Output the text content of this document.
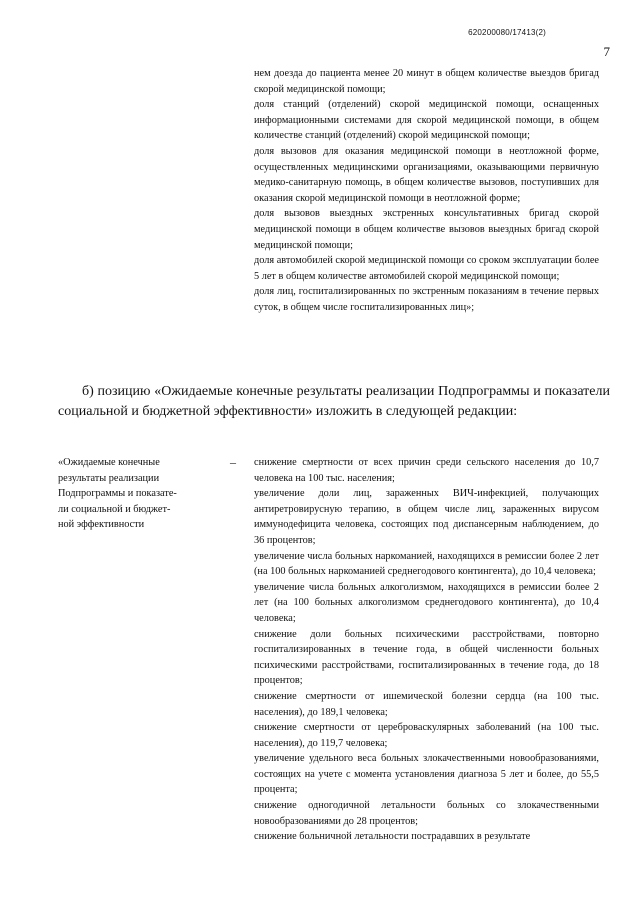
620200080/17413(2)
7
нем доезда до пациента менее 20 минут в общем количестве выездов бригад скорой медицинской помощи;
доля станций (отделений) скорой медицинской помощи, оснащенных информационными системами для скорой медицинской помощи, в общем количестве станций (отделений) скорой медицинской помощи;
доля вызовов для оказания медицинской помощи в неотложной форме, осуществленных медицинскими организациями, оказывающими первичную медико-санитарную помощь, в общем количестве вызовов, поступивших для оказания скорой медицинской помощи в неотложной форме;
доля вызовов выездных экстренных консультативных бригад скорой медицинской помощи в общем количестве вызовов выездных бригад скорой медицинской помощи;
доля автомобилей скорой медицинской помощи со сроком эксплуатации более 5 лет в общем количестве автомобилей скорой медицинской помощи;
доля лиц, госпитализированных по экстренным показаниям в течение первых суток, в общем числе госпитализированных лиц»;
б) позицию «Ожидаемые конечные результаты реализации Подпрограммы и показатели социальной и бюджетной эффективности» изложить в следующей редакции:
«Ожидаемые конечные
результаты реализации
Подпрограммы и показате-
ли социальной и бюджет-
ной эффективности
– снижение смертности от всех причин среди сельского населения до 10,7 человека на 100 тыс. населения;
увеличение доли лиц, зараженных ВИЧ-инфекцией, получающих антиретровирусную терапию, в общем числе лиц, зараженных вирусом иммунодефицита человека, состоящих под диспансерным наблюдением, до 36 процентов;
увеличение числа больных наркоманией, находящихся в ремиссии более 2 лет (на 100 больных наркоманией среднегодового контингента), до 10,4 человека;
увеличение числа больных алкоголизмом, находящихся в ремиссии более 2 лет (на 100 больных алкоголизмом среднегодового контингента), до 10,4 человека;
снижение доли больных психическими расстройствами, повторно госпитализированных в течение года, в общей численности больных психическими расстройствами, госпитализированных в течение года, до 18 процентов;
снижение смертности от ишемической болезни сердца (на 100 тыс. населения), до 189,1 человека;
снижение смертности от цереброваскулярных заболеваний (на 100 тыс. населения), до 119,7 человека;
увеличение удельного веса больных злокачественными новообразованиями, состоящих на учете с момента установления диагноза 5 лет и более, до 55,5 процента;
снижение одногодичной летальности больных со злокачественными новообразованиями до 28 процентов;
снижение больничной летальности пострадавших в результате
